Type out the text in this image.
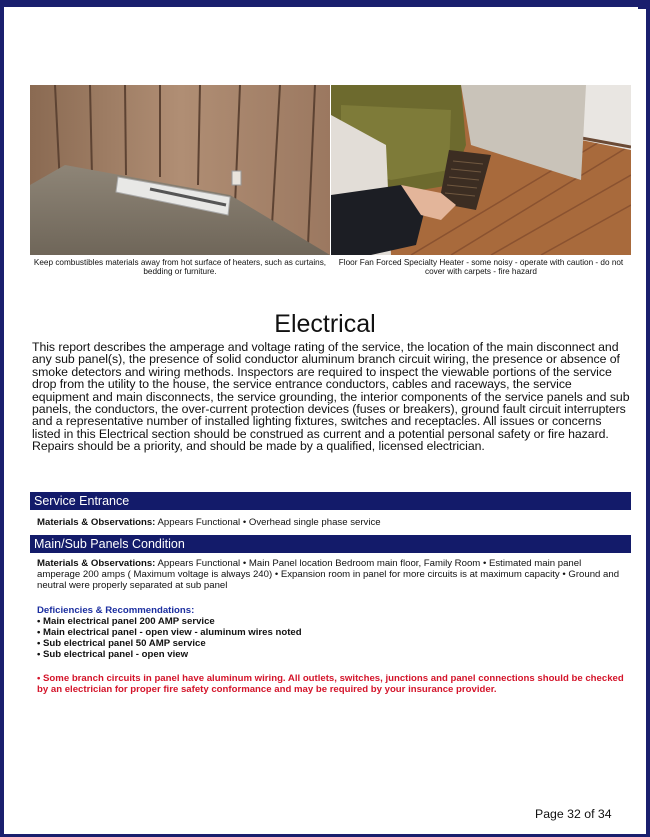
Keep combustibles materials away from hot surface of heaters, such as curtains, bedding or furniture.
Floor Fan Forced Specialty Heater - some noisy - operate with caution - do not cover with carpets - fire hazard
Electrical
This report describes the amperage and voltage rating of the service, the location of the main disconnect and any sub panel(s), the presence of solid conductor aluminum branch circuit wiring, the presence or absence of smoke detectors and wiring methods. Inspectors are required to inspect the viewable portions of the service drop from the utility to the house, the service entrance conductors, cables and raceways, the service equipment and main disconnects, the service grounding, the interior components of the service panels and sub panels, the conductors, the over-current protection devices (fuses or breakers), ground fault circuit interrupters and a representative number of installed lighting fixtures, switches and receptacles. All issues or concerns listed in this Electrical section should be construed as current and a potential personal safety or fire hazard. Repairs should be a priority, and should be made by a qualified, licensed electrician.
Service Entrance
Materials & Observations: Appears Functional • Overhead single phase service
Main/Sub Panels Condition
Materials & Observations: Appears Functional • Main Panel location Bedroom main floor, Family Room • Estimated main panel amperage 200 amps ( Maximum voltage is always 240) • Expansion room in panel for more circuits is at maximum capacity • Ground and neutral were properly separated at sub panel
Deficiencies & Recommendations:
• Main electrical panel 200 AMP service
• Main electrical panel - open view - aluminum wires noted
• Sub electrical panel 50 AMP service
• Sub electrical panel - open view
• Some branch circuits in panel have aluminum wiring. All outlets, switches, junctions and panel connections should be checked by an electrician for proper fire safety conformance and may be required by your insurance provider.
Page 32 of 34
